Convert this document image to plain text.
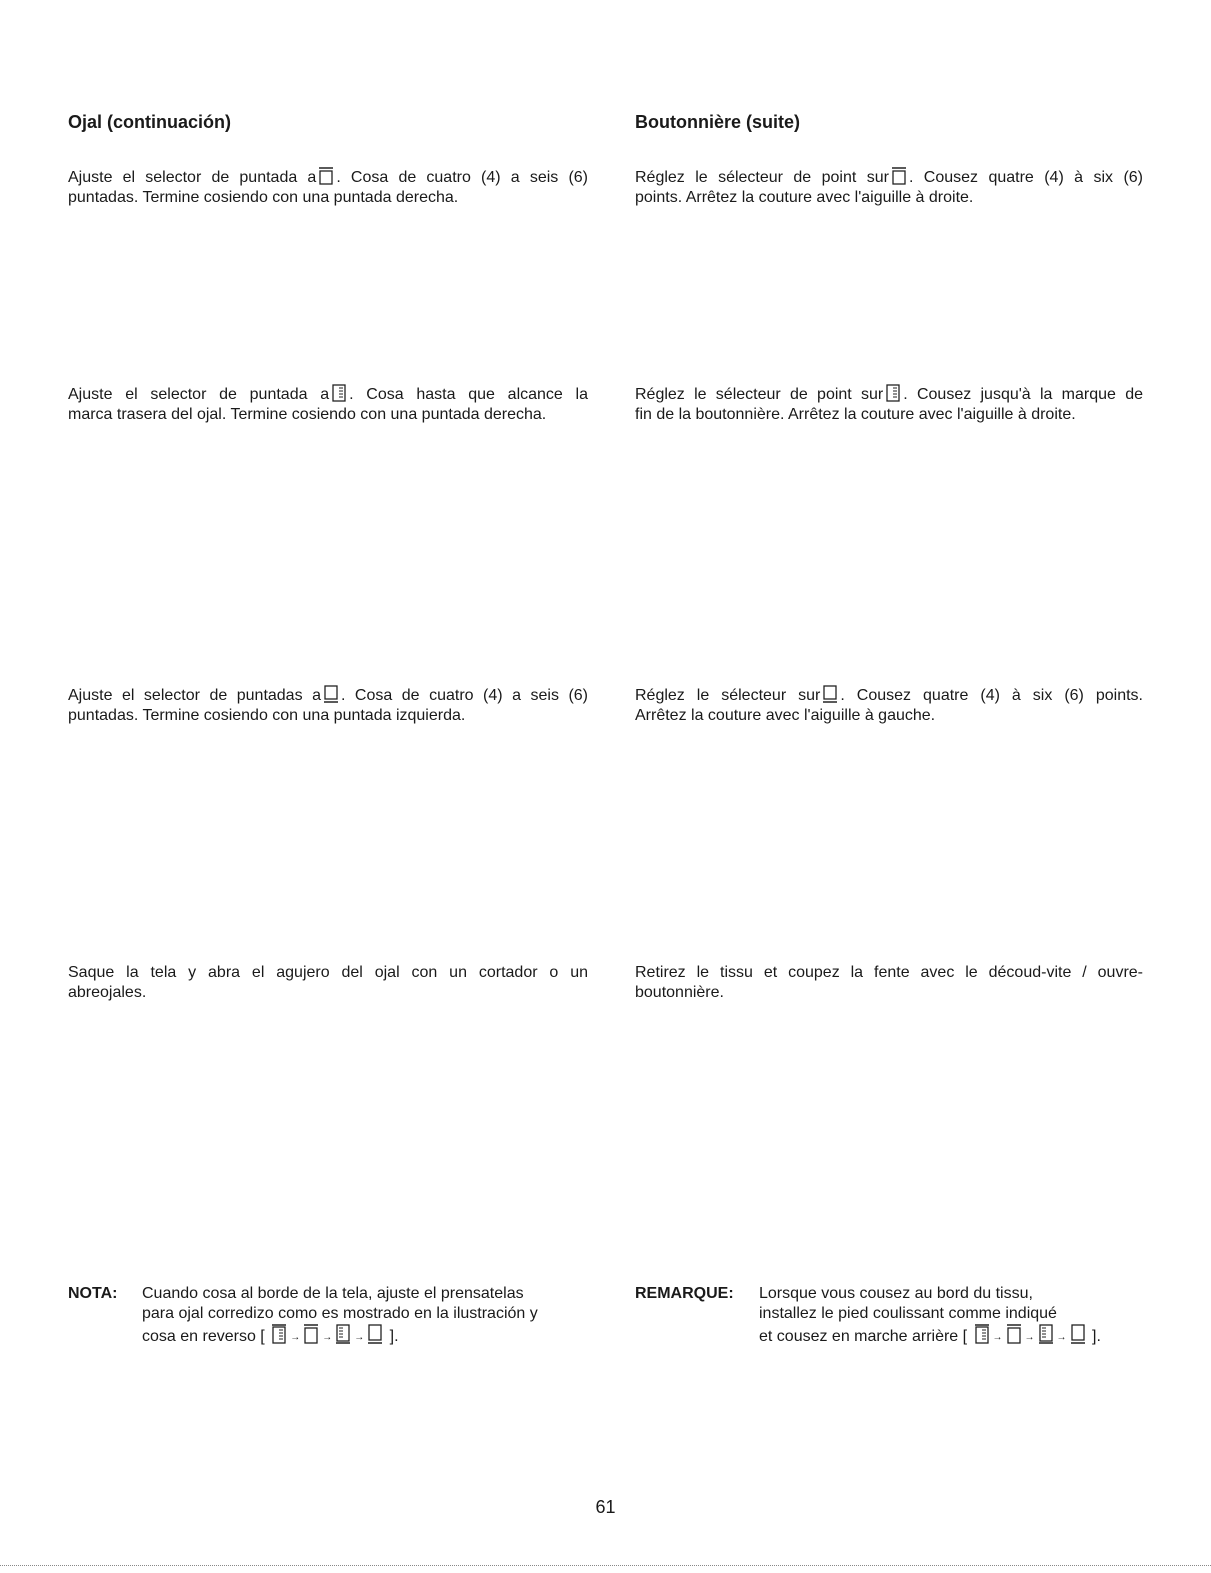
Ojal (continuación)
Ajuste el selector de puntada a . Cosa de cuatro (4) a seis (6)
puntadas. Termine cosiendo con una puntada derecha.
Ajuste el selector de puntada a . Cosa hasta que alcance la
marca trasera del ojal. Termine cosiendo con una puntada derecha.
Ajuste el selector de puntadas a . Cosa de cuatro (4) a seis (6)
puntadas. Termine cosiendo con una puntada izquierda.
Saque la tela y abra el agujero del ojal con un cortador o un
abreojales.
NOTA: Cuando cosa al borde de la tela, ajuste el prensatelas
para ojal corredizo como es mostrado en la ilustración y
cosa en reverso [	→ → → ].
Boutonnière (suite)
Réglez le sélecteur de point sur . Cousez quatre (4) à six (6)
points. Arrêtez la couture avec l'aiguille à droite.
Réglez le sélecteur de point sur . Cousez jusqu'à la marque de
fin de la boutonnière. Arrêtez la couture avec l'aiguille à droite.
Réglez le sélecteur sur . Cousez quatre (4) à six (6) points.
Arrêtez la couture avec l'aiguille à gauche.
Retirez le tissu et coupez la fente avec le découd-vite / ouvre-
boutonnière.
REMARQUE: Lorsque vous cousez au bord du tissu,
installez le pied coulissant comme indiqué
et cousez en marche arrière [	→ → → ].
61
